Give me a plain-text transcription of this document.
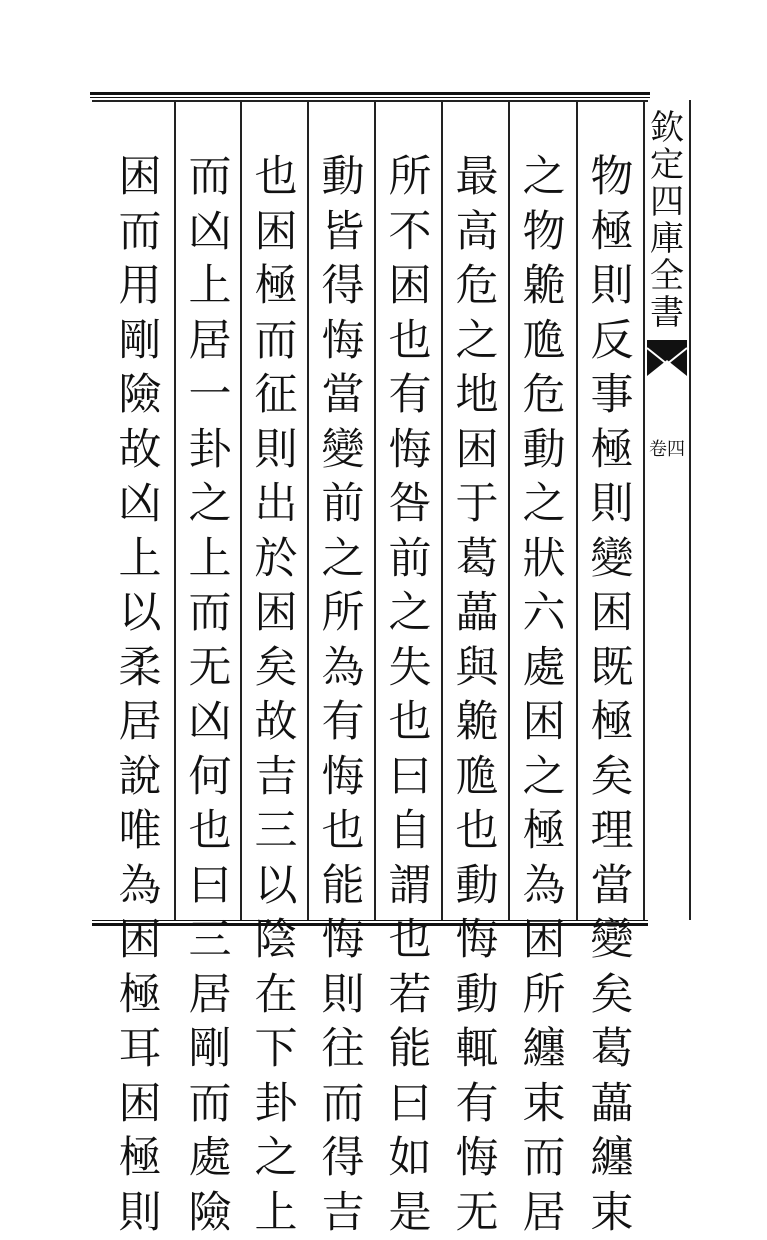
欽定四庫全書
卷四
物極則反事極則變困既極矣理當變矣葛藟纏束
之物臲卼危動之狀六處困之極為困所纏束而居
最高危之地困于葛藟與臲卼也動悔動輒有悔无
所不困也有悔咎前之失也曰自謂也若能曰如是
動皆得悔當變前之所為有悔也能悔則往而得吉
也困極而征則出於困矣故吉三以陰在下卦之上
而凶上居一卦之上而无凶何也曰三居剛而處險
困而用剛險故凶上以柔居說唯為困極耳困極則
